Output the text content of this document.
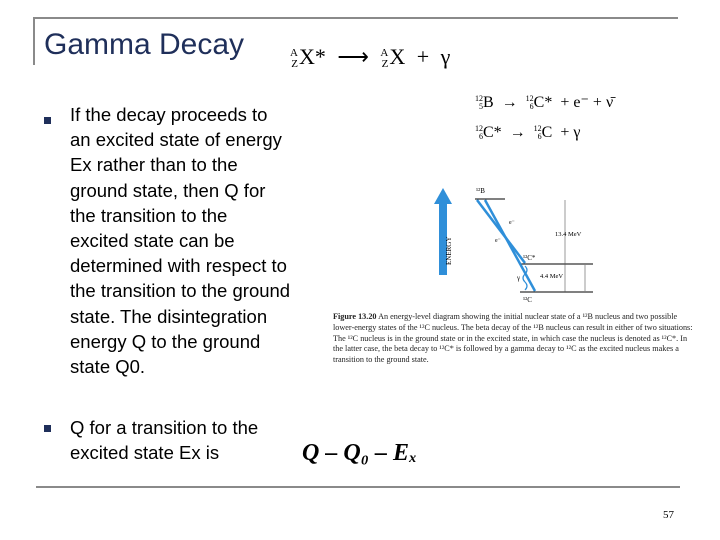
Gamma Decay	A
ZX* ⟶ A
ZX + γ
If the decay proceeds to
an excited state of energy
Ex rather than to the
ground state, then Q for
the transition to the
excited state can be
determined with respect to
the transition to the ground
state. The disintegration
energy Q to the ground
state Q0.
Q for a transition to the
excited state Ex is
12
5B → 12
6C* + e⁻ + ν̄
12
6C* → 12
6C + γ
ENERGY
¹²B
¹²C*
¹²C
e⁻
e⁻
γ
13.4 MeV
4.4 MeV
Figure 13.20 An energy-level diagram showing the initial nuclear state of a ¹²B nucleus and two possible lower-energy states of the ¹²C nucleus. The beta decay of the ¹²B nucleus can result in either of two situations: The ¹²C nucleus is in the ground state or in the excited state, in which case the nucleus is denoted as ¹²C*. In the latter case, the beta decay to ¹²C* is followed by a gamma decay to ¹²C as the excited nucleus makes a transition to the ground state.
Q – Q₀ – Eₓ
57
